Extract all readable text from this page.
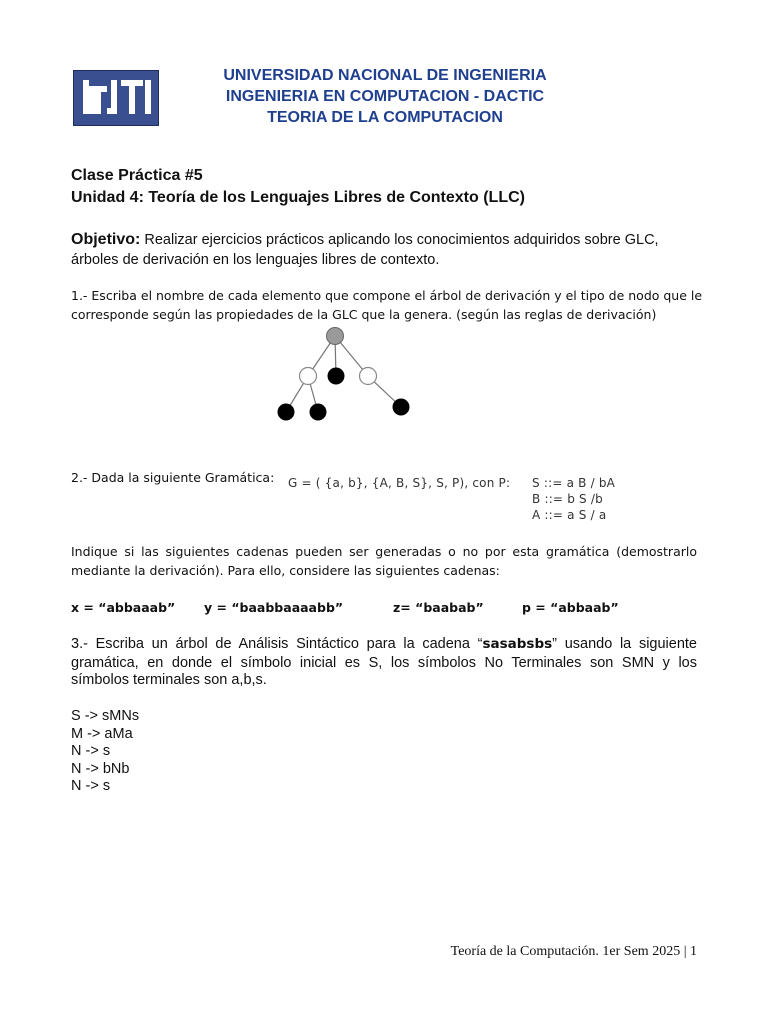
UNIVERSIDAD NACIONAL DE INGENIERIA
INGENIERIA EN COMPUTACION - DACTIC
TEORIA DE LA COMPUTACION
Clase Práctica #5
Unidad 4: Teoría de los Lenguajes Libres de Contexto (LLC)
Objetivo: Realizar ejercicios prácticos aplicando los conocimientos adquiridos sobre GLC,
árboles de derivación en los lenguajes libres de contexto.
1.- Escriba el nombre de cada elemento que compone el árbol de derivación y el tipo de nodo que le
corresponde según las propiedades de la GLC que la genera. (según las reglas de derivación)
2.- Dada la siguiente Gramática: G = ( {a, b}, {A, B, S}, S, P), con P: S ::= a B / bA
B ::= b S /b
A ::= a S / a
Indique si las siguientes cadenas pueden ser generadas o no por esta gramática (demostrarlo
mediante la derivación). Para ello, considere las siguientes cadenas:
x = “abbaaab” y = “baabbaaaabb”	z= “baabab”	p = “abbaab”
3.- Escriba un árbol de Análisis Sintáctico para la cadena “sasabsbs” usando la siguiente
gramática, en donde el símbolo inicial es S, los símbolos No Terminales son SMN y los
símbolos terminales son a,b,s.
S -> sMNs
M -> aMa
N -> s
N -> bNb
N -> s
Teoría de la Computación. 1er Sem 2025 | 1
